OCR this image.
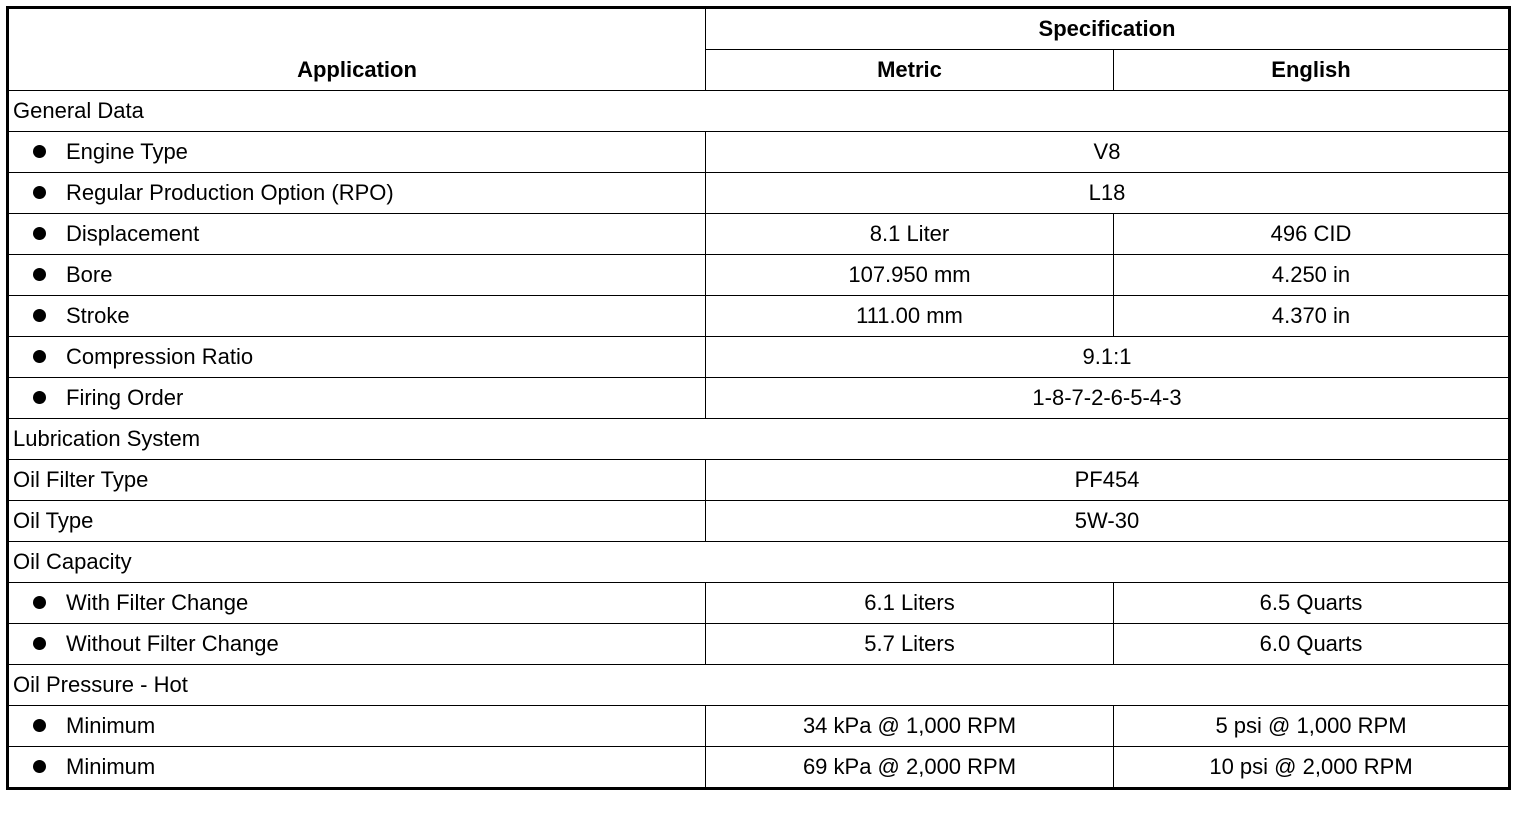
Application	Specification	
	Metric	English
General Data		
Engine Type	V8	
Regular Production Option (RPO)	L18	
Displacement	8.1 Liter	496 CID
Bore	107.950 mm	4.250 in
Stroke	111.00 mm	4.370 in
Compression Ratio	9.1:1	
Firing Order	1-8-7-2-6-5-4-3	
Lubrication System		
Oil Filter Type	PF454	
Oil Type	5W-30	
Oil Capacity		
With Filter Change	6.1 Liters	6.5 Quarts
Without Filter Change	5.7 Liters	6.0 Quarts
Oil Pressure - Hot		
Minimum	34 kPa @ 1,000 RPM	5 psi @ 1,000 RPM
Minimum	69 kPa @ 2,000 RPM	10 psi @ 2,000 RPM
